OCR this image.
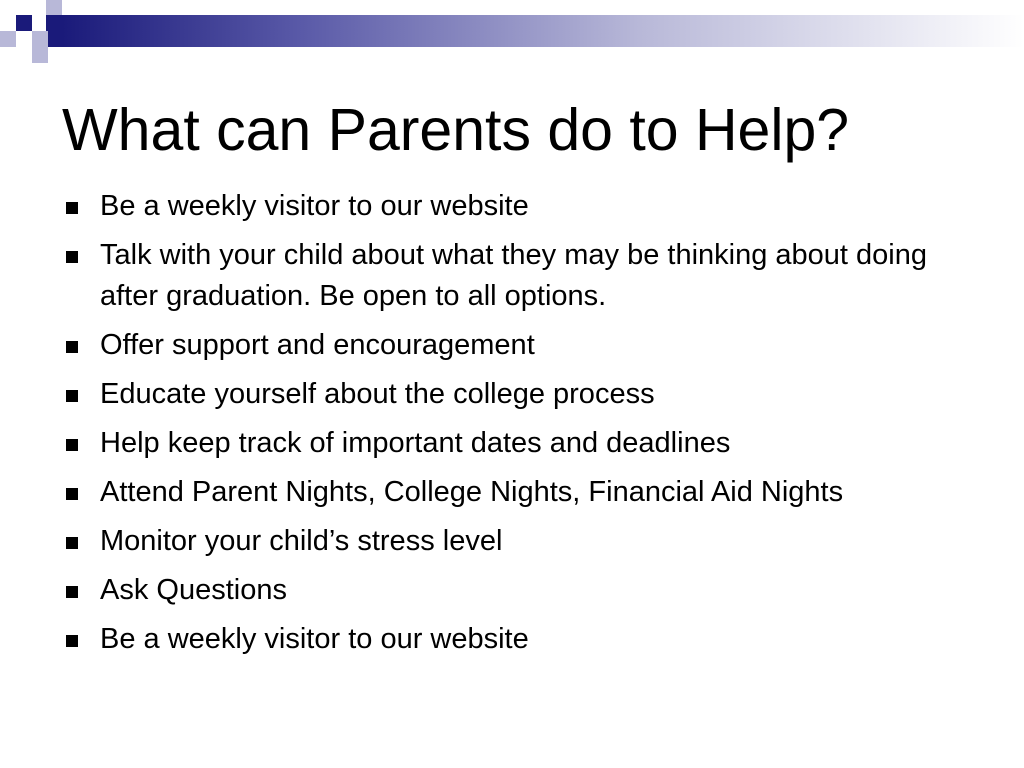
What can Parents do to Help?
Be a weekly visitor to our website
Talk with your child about what they may be thinking about doing after graduation. Be open to all options.
Offer support and encouragement
Educate yourself about the college process
Help keep track of important dates and deadlines
Attend Parent Nights, College Nights, Financial Aid Nights
Monitor your child’s stress level
Ask Questions
Be a weekly visitor to our website
